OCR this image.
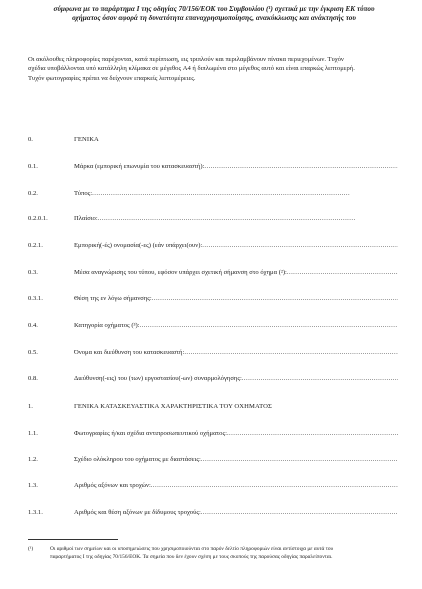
σύμφωνα με το παράρτημα I της οδηγίας 70/156/ΕΟΚ του Συμβουλίου (¹) σχετικά με την έγκριση ΕΚ τύπου
οχήματος όσον αφορά τη δυνατότητα επαναχρησιμοποίησης, ανακύκλωσης και ανάκτησής του

Οι ακόλουθες πληροφορίες παρέχονται, κατά περίπτωση, εις τριπλούν και περιλαμβάνουν πίνακα περιεχομένων. Τυχόν

σχέδια υποβάλλονται υπό κατάλληλη κλίμακα σε μέγεθος A4 ή διπλωμένα στο μέγεθος αυτό και είναι επαρκώς λεπτομερή.

Τυχόν φωτογραφίες πρέπει να δείχνουν επαρκείς λεπτομέρειες.

0.	ΓΕΝΙΚΑ
0.1.	Μάρκα (εμπορική επωνυμία του κατασκευαστή): . . .
0.2.	Τύπος: . . .
0.2.0.1.	Πλαίσιο: . . .
0.2.1.	Εμπορική(-ές) ονομασία(-ες) (εάν υπάρχει(ουν): . . .
0.3.	Μέσα αναγνώρισης του τύπου, εφόσον υπάρχει σχετική σήμανση στο όχημα (²): . . .
0.3.1.	Θέση της εν λόγω σήμανσης: . . .
0.4.	Κατηγορία οχήματος (³): . . .
0.5.	Όνομα και διεύθυνση του κατασκευαστή: . . .
0.8.	Διεύθυνση(-εις) του (των) εργοστασίου(-ων) συναρμολόγησης: . . .
1.	ΓΕΝΙΚΑ ΚΑΤΑΣΚΕΥΑΣΤΙΚΑ ΧΑΡΑΚΤΗΡΙΣΤΙΚΑ ΤΟΥ ΟΧΗΜΑΤΟΣ
1.1.	Φωτογραφίες ή/και σχέδια αντιπροσωπευτικού οχήματος: . . .
1.2.	Σχέδιο ολόκληρου του οχήματος με διαστάσεις: . . .
1.3.	Αριθμός αξόνων και τροχών: . . .
1.3.1.	Αριθμός και θέση αξόνων με δίδυμους τροχούς: . . .
(¹)	Οι αριθμοί των σημείων και οι υποσημειώσεις που χρησιμοποιούνται στο παρόν δελτίο πληροφοριών είναι αντίστοιχα με αυτά του
παραρτήματος I της οδηγίας 70/156/ΕΟΚ. Τα σημεία που δεν έχουν σχέση με τους σκοπούς της παρούσας οδηγίας παραλείπονται.
